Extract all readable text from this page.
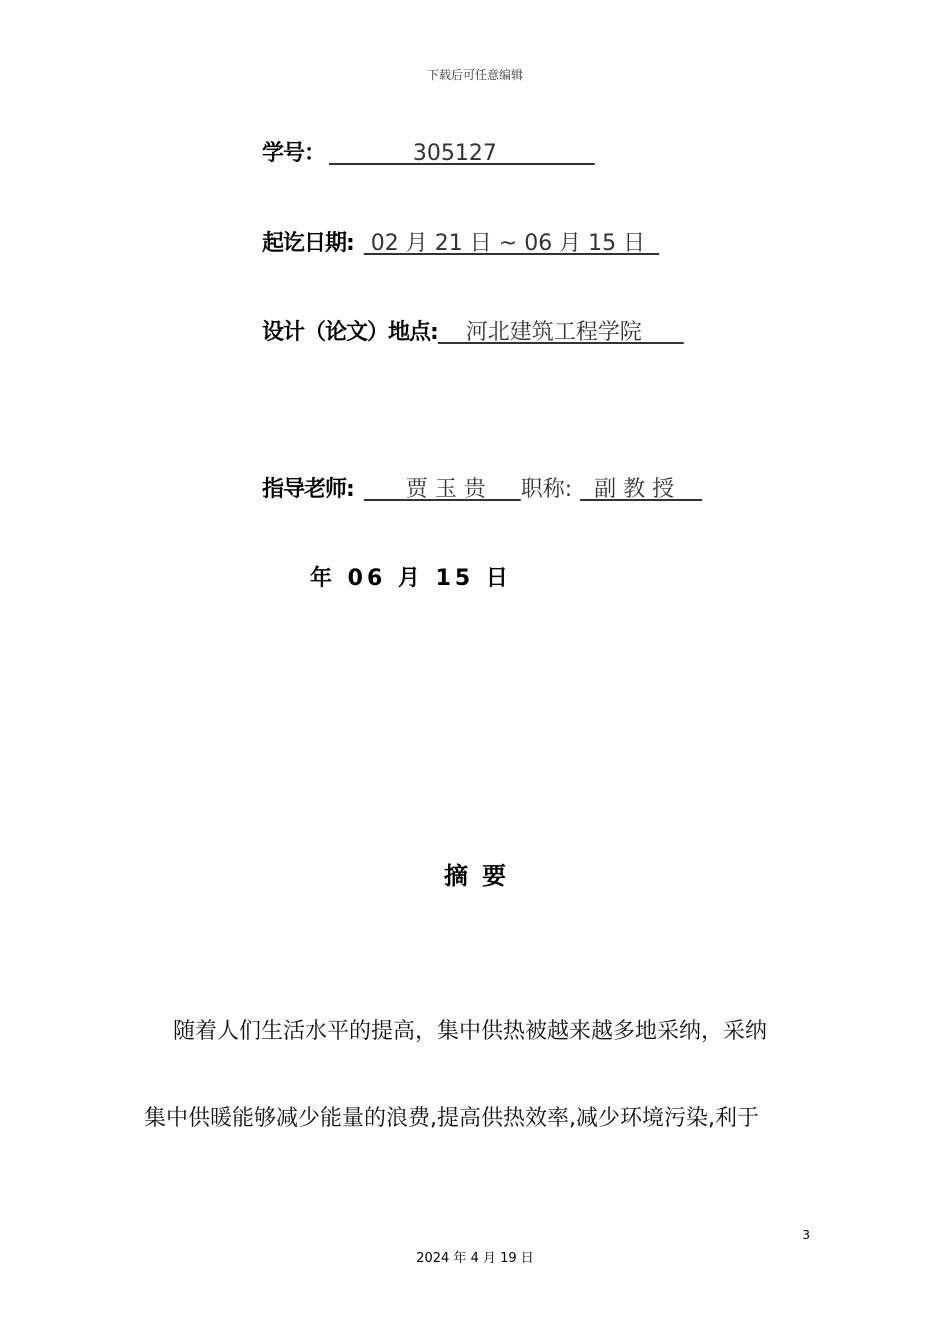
下载后可任意编辑
学号： 305127
起讫日期: 02 月 21 日 ~ 06 月 15 日
设计（论文）地点: 河北建筑工程学院
指导老师: 贾 玉 贵 职称: 副 教 授
年 06 月 15 日
摘要
随着人们生活水平的提高，集中供热被越来越多地采纳，采纳
集中供暖能够减少能量的浪费,提高供热效率,减少环境污染,利于
3
2024 年 4 月 19 日
